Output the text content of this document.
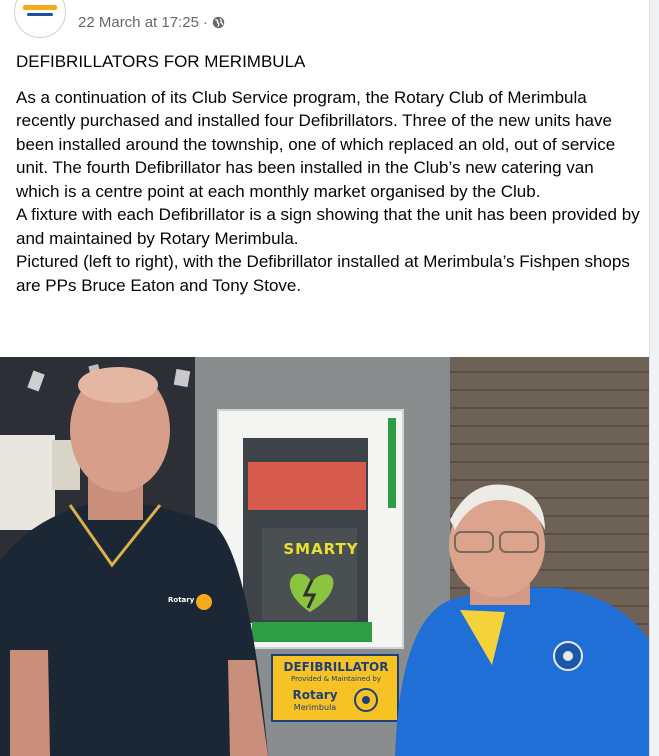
22 March at 17:25 ·

DEFIBRILLATORS FOR MERIMBULA

As a continuation of its Club Service program, the Rotary Club of Merimbula recently purchased and installed four Defibrillators. Three of the new units have been installed around the township, one of which replaced an old, out of service unit. The fourth Defibrillator has been installed in the Club’s new catering van which is a centre point at each monthly market organised by the Club.
A fixture with each Defibrillator is a sign showing that the unit has been provided by and maintained by Rotary Merimbula.
Pictured (left to right), with the Defibrillator installed at Merimbula’s Fishpen shops are PPs Bruce Eaton and Tony Stove.

SMARTY
DEFIBRILLATOR
Provided & Maintained by
Rotary
Merimbula
Rotary
